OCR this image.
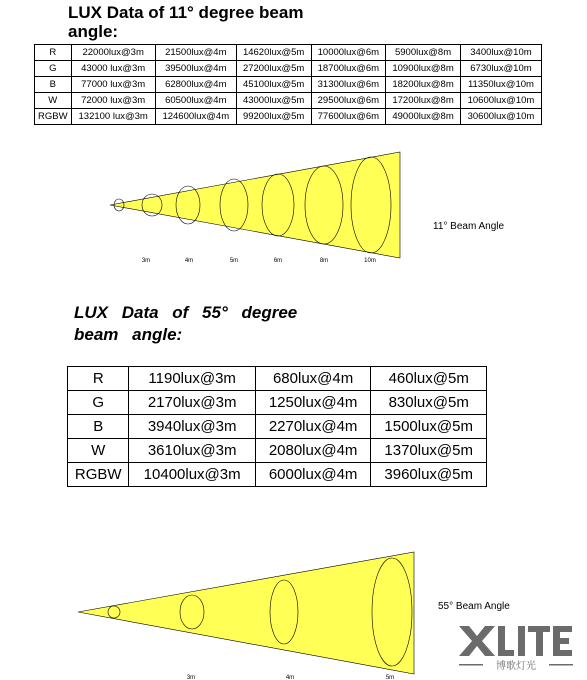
LUX Data of 11° degree beam angle:
R	22000lux@3m	21500lux@4m	14620lux@5m	10000lux@6m	5900lux@8m	3400lux@10m
G	43000 lux@3m	39500lux@4m	27200lux@5m	18700lux@6m	10900lux@8m	6730lux@10m
B	77000 lux@3m	62800lux@4m	45100lux@5m	31300lux@6m	18200lux@8m	11350lux@10m
W	72000 lux@3m	60500lux@4m	43000lux@5m	29500lux@6m	17200lux@8m	10600lux@10m
RGBW	132100 lux@3m	124600lux@4m	99200lux@5m	77600lux@6m	49000lux@8m	30600lux@10m
3m	4m	5m	6m	8m	10m
11° Beam Angle
LUX Data of 55° degree beam angle:
R	1190lux@3m	680lux@4m	460lux@5m
G	2170lux@3m	1250lux@4m	830lux@5m
B	3940lux@3m	2270lux@4m	1500lux@5m
W	3610lux@3m	2080lux@4m	1370lux@5m
RGBW	10400lux@3m	6000lux@4m	3960lux@5m
3m	4m	5m
55° Beam Angle
博歌灯光
